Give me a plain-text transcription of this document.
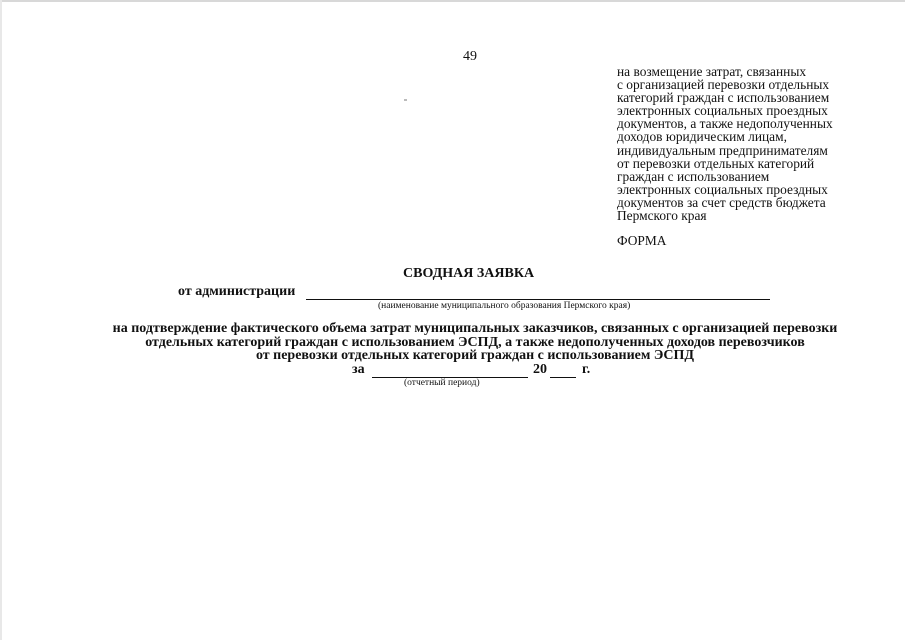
49
на возмещение затрат, связанных
с организацией перевозки отдельных
категорий граждан с использованием
электронных социальных проездных
документов, а также недополученных
доходов юридическим лицам,
индивидуальным предпринимателям
от перевозки отдельных категорий
граждан с использованием
электронных социальных проездных
документов за счет средств бюджета
Пермского края
ФОРМА
СВОДНАЯ ЗАЯВКА
от администрации
(наименование муниципального образования Пермского края)
на подтверждение фактического объема затрат муниципальных заказчиков, связанных с организацией перевозки
отдельных категорий граждан с использованием ЭСПД, а также недополученных доходов перевозчиков
от перевозки отдельных категорий граждан с использованием ЭСПД
за	20	г.
(отчетный период)
